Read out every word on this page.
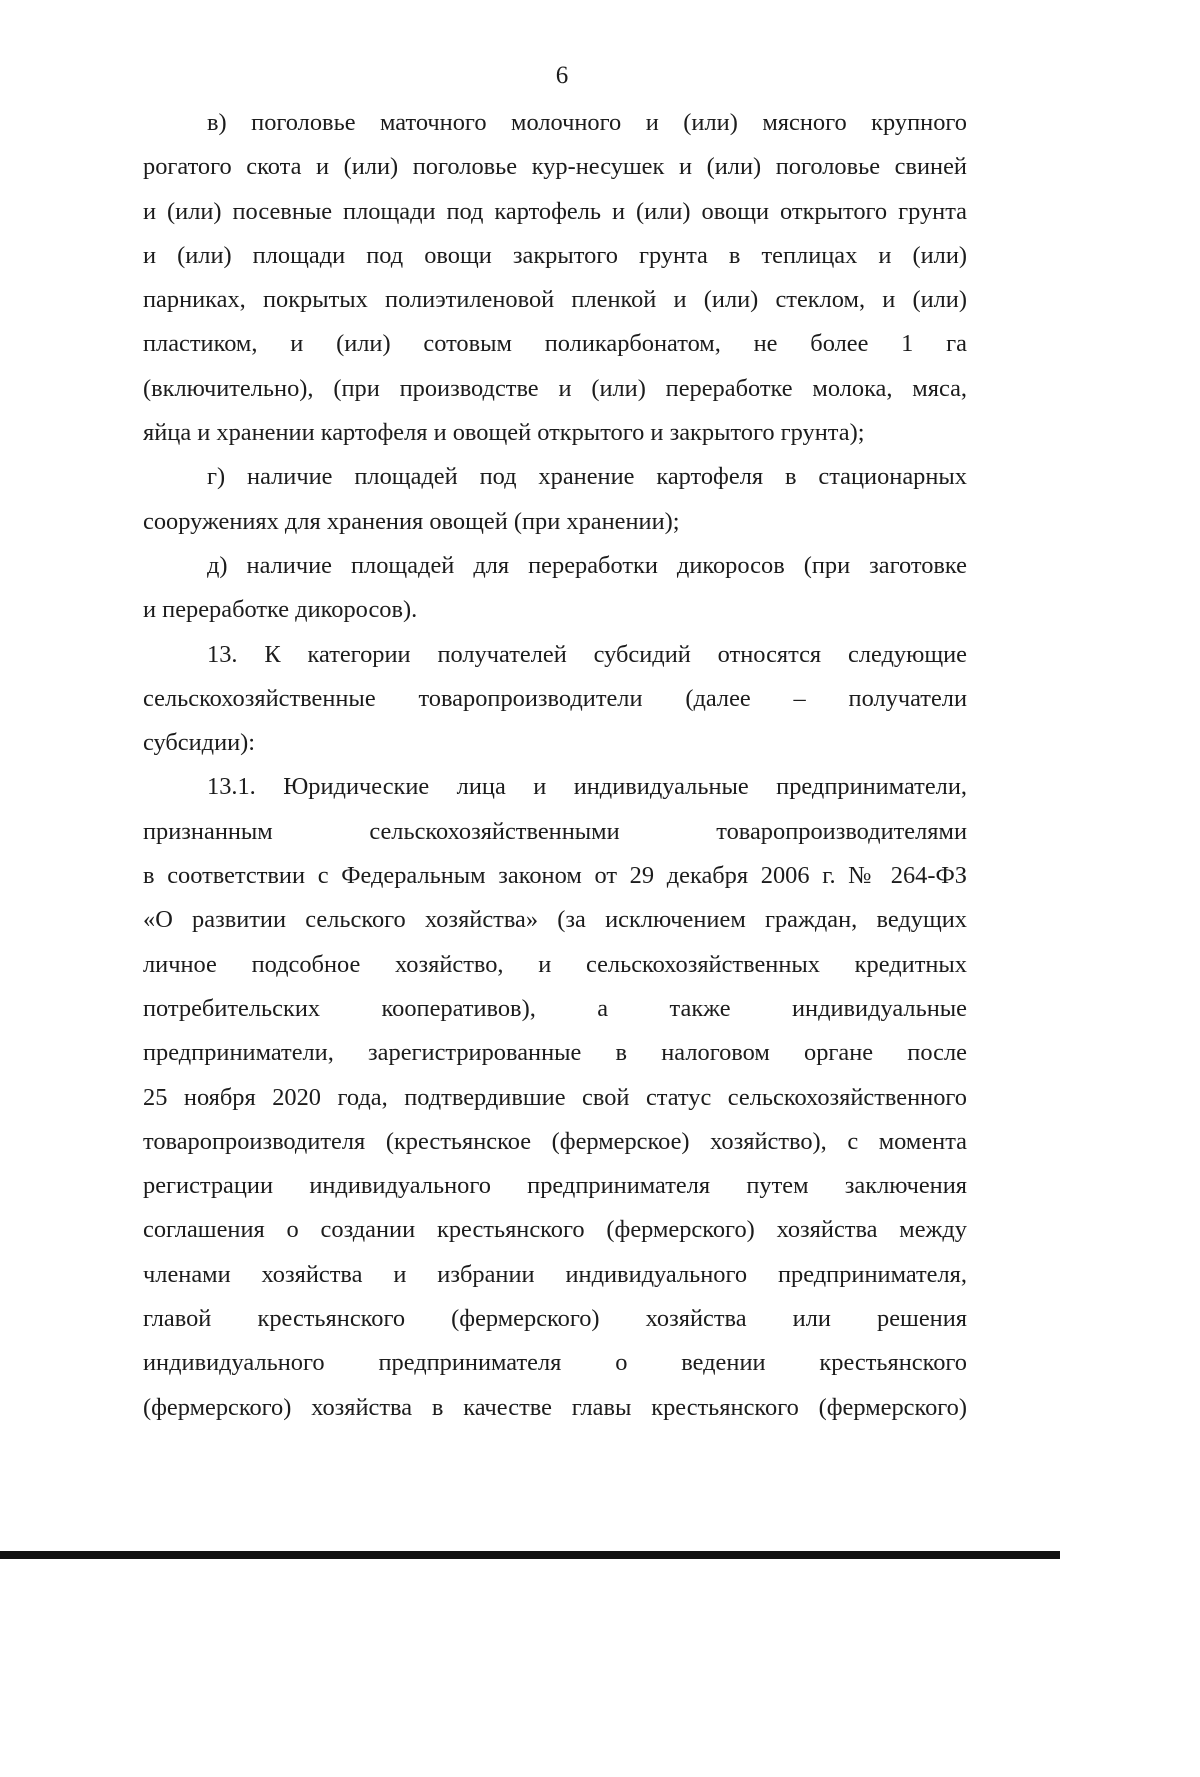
6

в) поголовье маточного молочного и (или) мясного крупного

рогатого скота и (или) поголовье кур-несушек и (или) поголовье свиней

и (или) посевные площади под картофель и (или) овощи открытого грунта

и (или) площади под овощи закрытого грунта в теплицах и (или)

парниках, покрытых полиэтиленовой пленкой и (или) стеклом, и (или)

пластиком, и (или) сотовым поликарбонатом, не более 1 га

(включительно), (при производстве и (или) переработке молока, мяса,

яйца и хранении картофеля и овощей открытого и закрытого грунта);

г) наличие площадей под хранение картофеля в стационарных

сооружениях для хранения овощей (при хранении);

д) наличие площадей для переработки дикоросов (при заготовке

и переработке дикоросов).

13. К категории получателей субсидий относятся следующие

сельскохозяйственные товаропроизводители (далее – получатели

субсидии):

13.1. Юридические лица и индивидуальные предприниматели,

признанным сельскохозяйственными товаропроизводителями

в соответствии с Федеральным законом от 29 декабря 2006 г. № 264-ФЗ

«О развитии сельского хозяйства» (за исключением граждан, ведущих

личное подсобное хозяйство, и сельскохозяйственных кредитных

потребительских кооперативов), а также индивидуальные

предприниматели, зарегистрированные в налоговом органе после

25 ноября 2020 года, подтвердившие свой статус сельскохозяйственного

товаропроизводителя (крестьянское (фермерское) хозяйство), с момента

регистрации индивидуального предпринимателя путем заключения

соглашения о создании крестьянского (фермерского) хозяйства между

членами хозяйства и избрании индивидуального предпринимателя,

главой крестьянского (фермерского) хозяйства или решения

индивидуального предпринимателя о ведении крестьянского

(фермерского) хозяйства в качестве главы крестьянского (фермерского)
